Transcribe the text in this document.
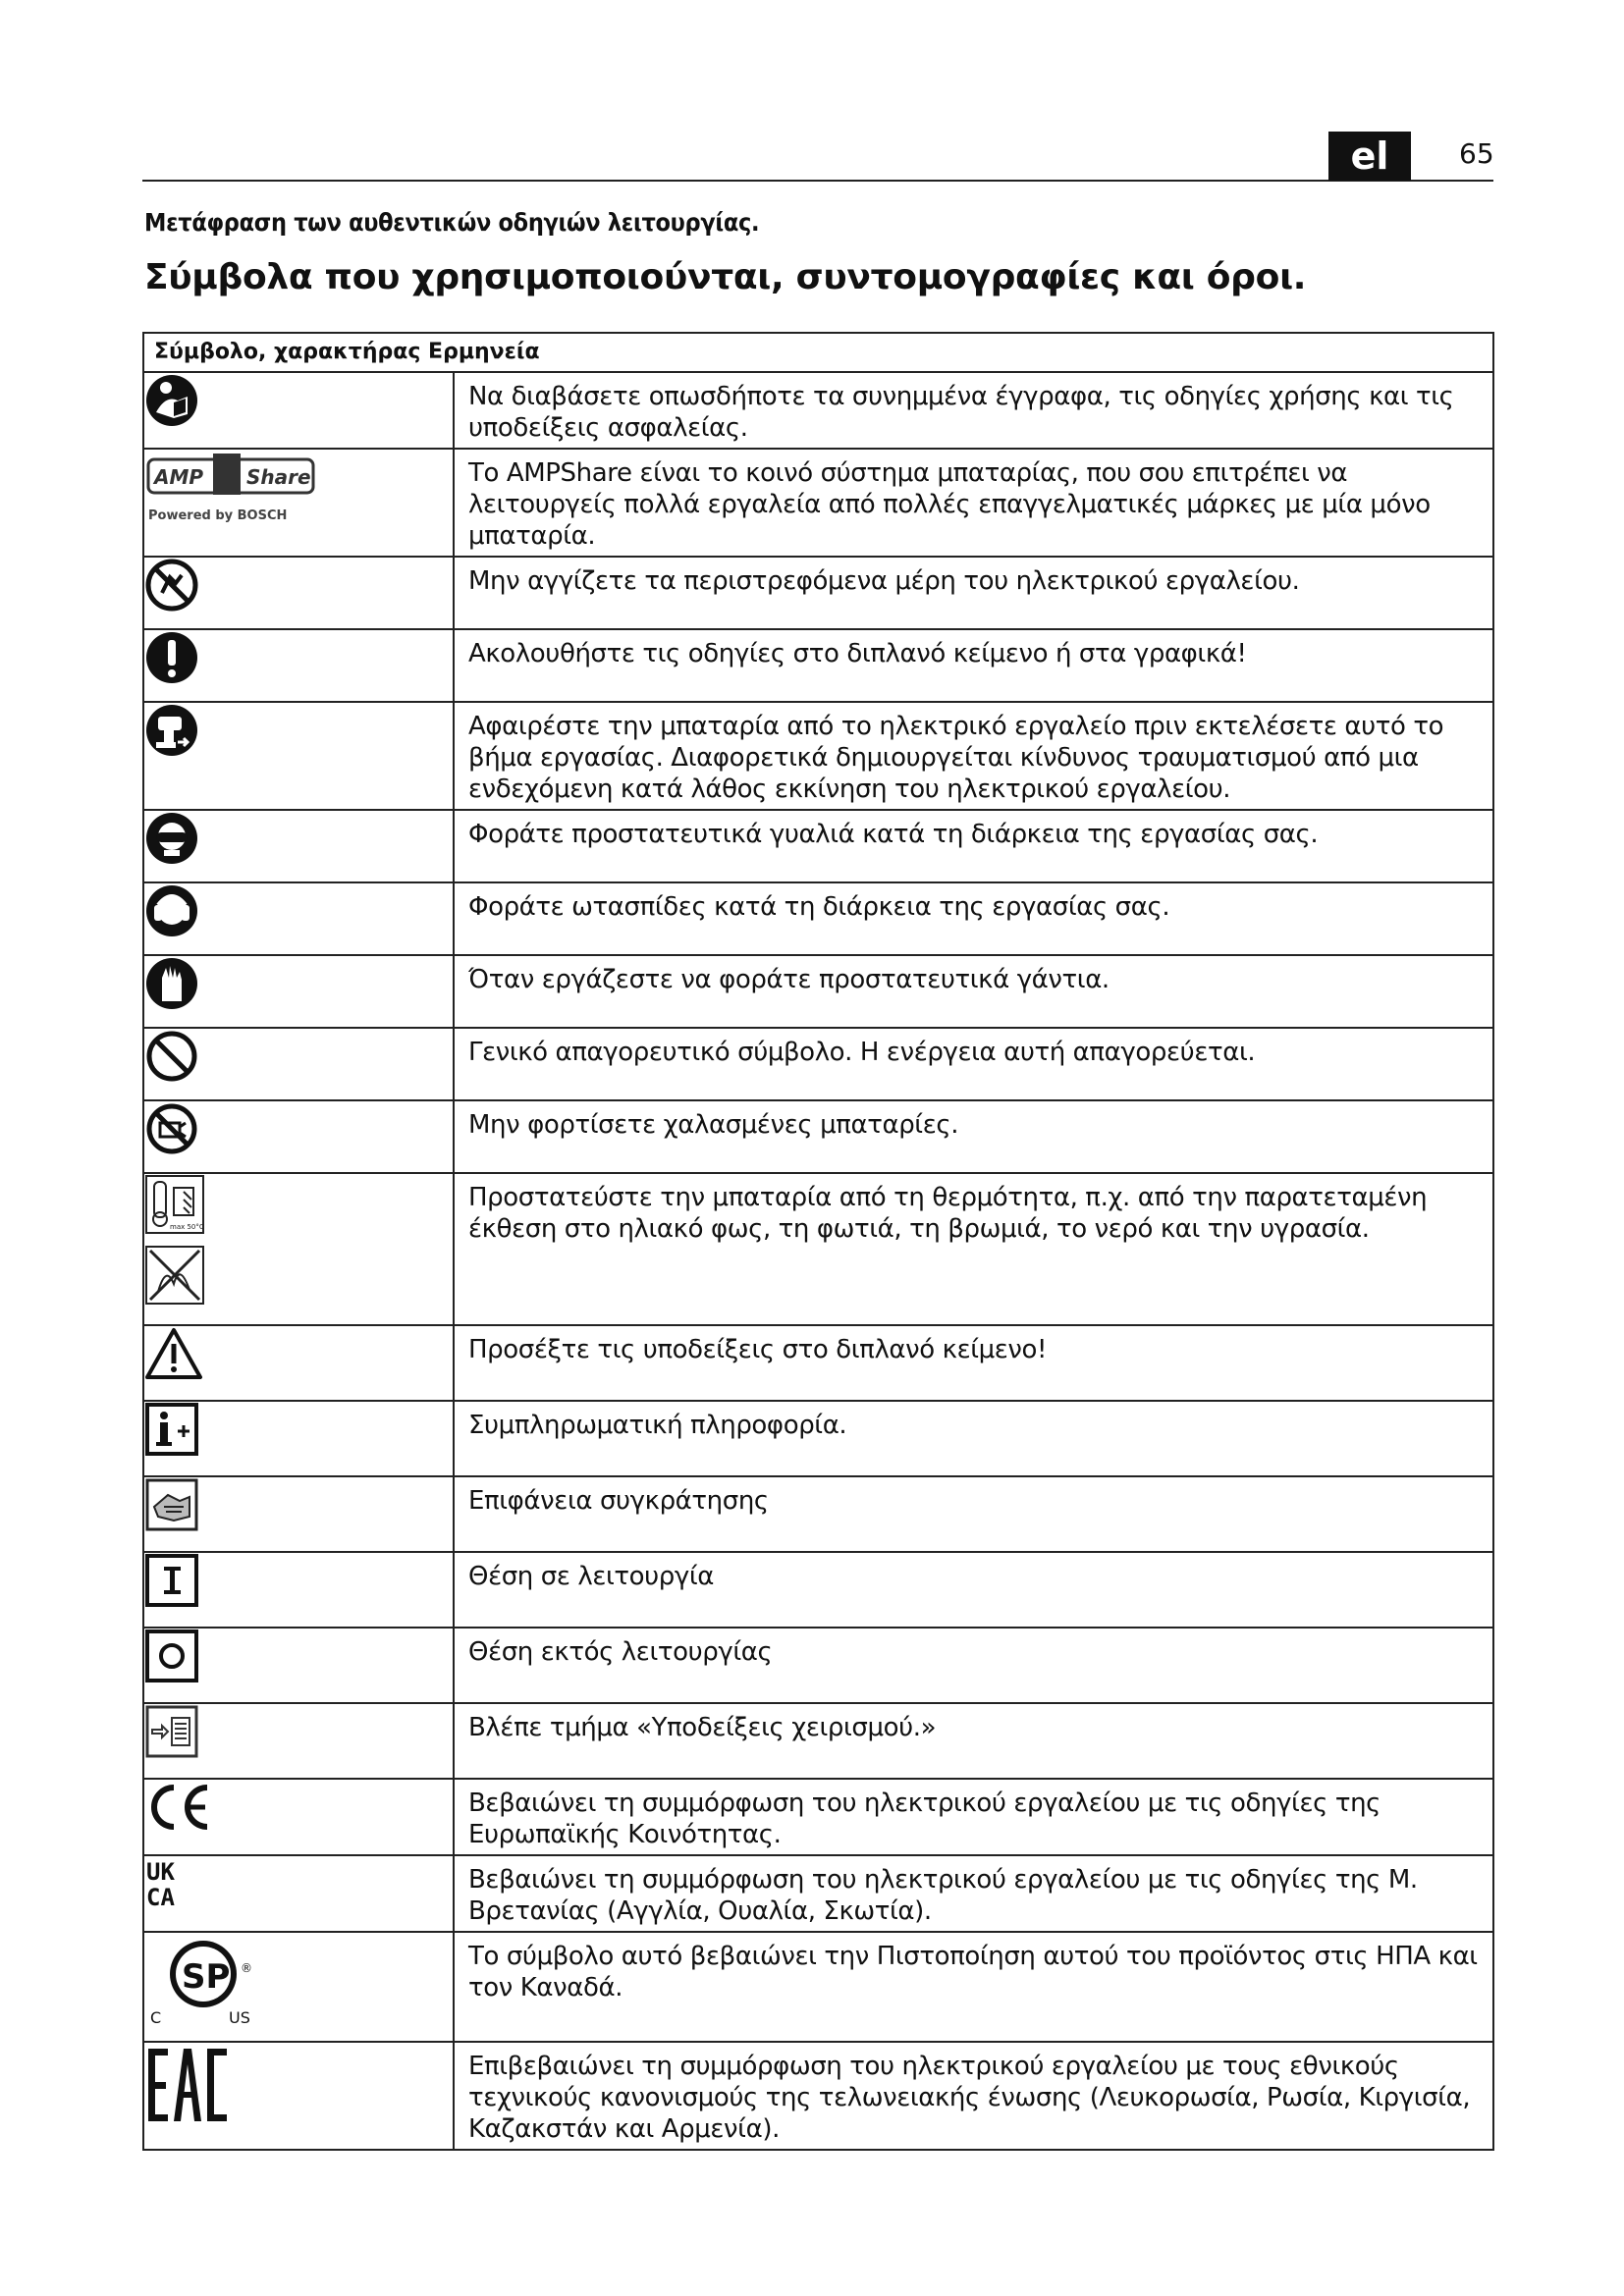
el	65
Μετάφραση των αυθεντικών οδηγιών λειτουργίας.
Σύμβολα που χρησιμοποιούνται, συντομογραφίες και όροι.
Σύμβολο, χαρακτήρας Ερμηνεία	

Να διαβάσετε οπωσδήποτε τα συνημμένα έγγραφα, τις οδηγίες χρήσης και τις υποδείξεις ασφαλείας.

AMP Share
Powered by BOSCH	Το AMPShare είναι το κοινό σύστημα μπαταρίας, που σου επιτρέπει να λειτουργείς πολλά εργαλεία από πολλές επαγγελματικές μάρκες με μία μόνο μπαταρία.

Μην αγγίζετε τα περιστρεφόμενα μέρη του ηλεκτρικού εργαλείου.

Ακολουθήστε τις οδηγίες στο διπλανό κείμενο ή στα γραφικά!

Αφαιρέστε την μπαταρία από το ηλεκτρικό εργαλείο πριν εκτελέσετε αυτό το βήμα εργασίας. Διαφορετικά δημιουργείται κίνδυνος τραυματισμού από μια ενδεχόμενη κατά λάθος εκκίνηση του ηλεκτρικού εργαλείου.

Φοράτε προστατευτικά γυαλιά κατά τη διάρκεια της εργασίας σας.

Φοράτε ωτασπίδες κατά τη διάρκεια της εργασίας σας.

Όταν εργάζεστε να φοράτε προστατευτικά γάντια.

Γενικό απαγορευτικό σύμβολο. Η ενέργεια αυτή απαγορεύεται.

Μην φορτίσετε χαλασμένες μπαταρίες.

max 50°C	Προστατεύστε την μπαταρία από τη θερμότητα, π.χ. από την παρατεταμένη έκθεση στο ηλιακό φως, τη φωτιά, τη βρωμιά, το νερό και την υγρασία.

Προσέξτε τις υποδείξεις στο διπλανό κείμενο!

Συμπληρωματική πληροφορία.

Επιφάνεια συγκράτησης

Θέση σε λειτουργία

Θέση εκτός λειτουργίας

Βλέπε τμήμα «Υποδείξεις χειρισμού.»

Βεβαιώνει τη συμμόρφωση του ηλεκτρικού εργαλείου με τις οδηγίες της Ευρωπαϊκής Κοινότητας.

UK
CA	Βεβαιώνει τη συμμόρφωση του ηλεκτρικού εργαλείου με τις οδηγίες της Μ. Βρετανίας (Αγγλία, Ουαλία, Σκωτία).

SP ®
C US	Το σύμβολο αυτό βεβαιώνει την Πιστοποίηση αυτού του προϊόντος στις ΗΠΑ και τον Καναδά.

Επιβεβαιώνει τη συμμόρφωση του ηλεκτρικού εργαλείου με τους εθνικούς τεχνικούς κανονισμούς της τελωνειακής ένωσης (Λευκορωσία, Ρωσία, Κιργισία, Καζακστάν και Αρμενία).
